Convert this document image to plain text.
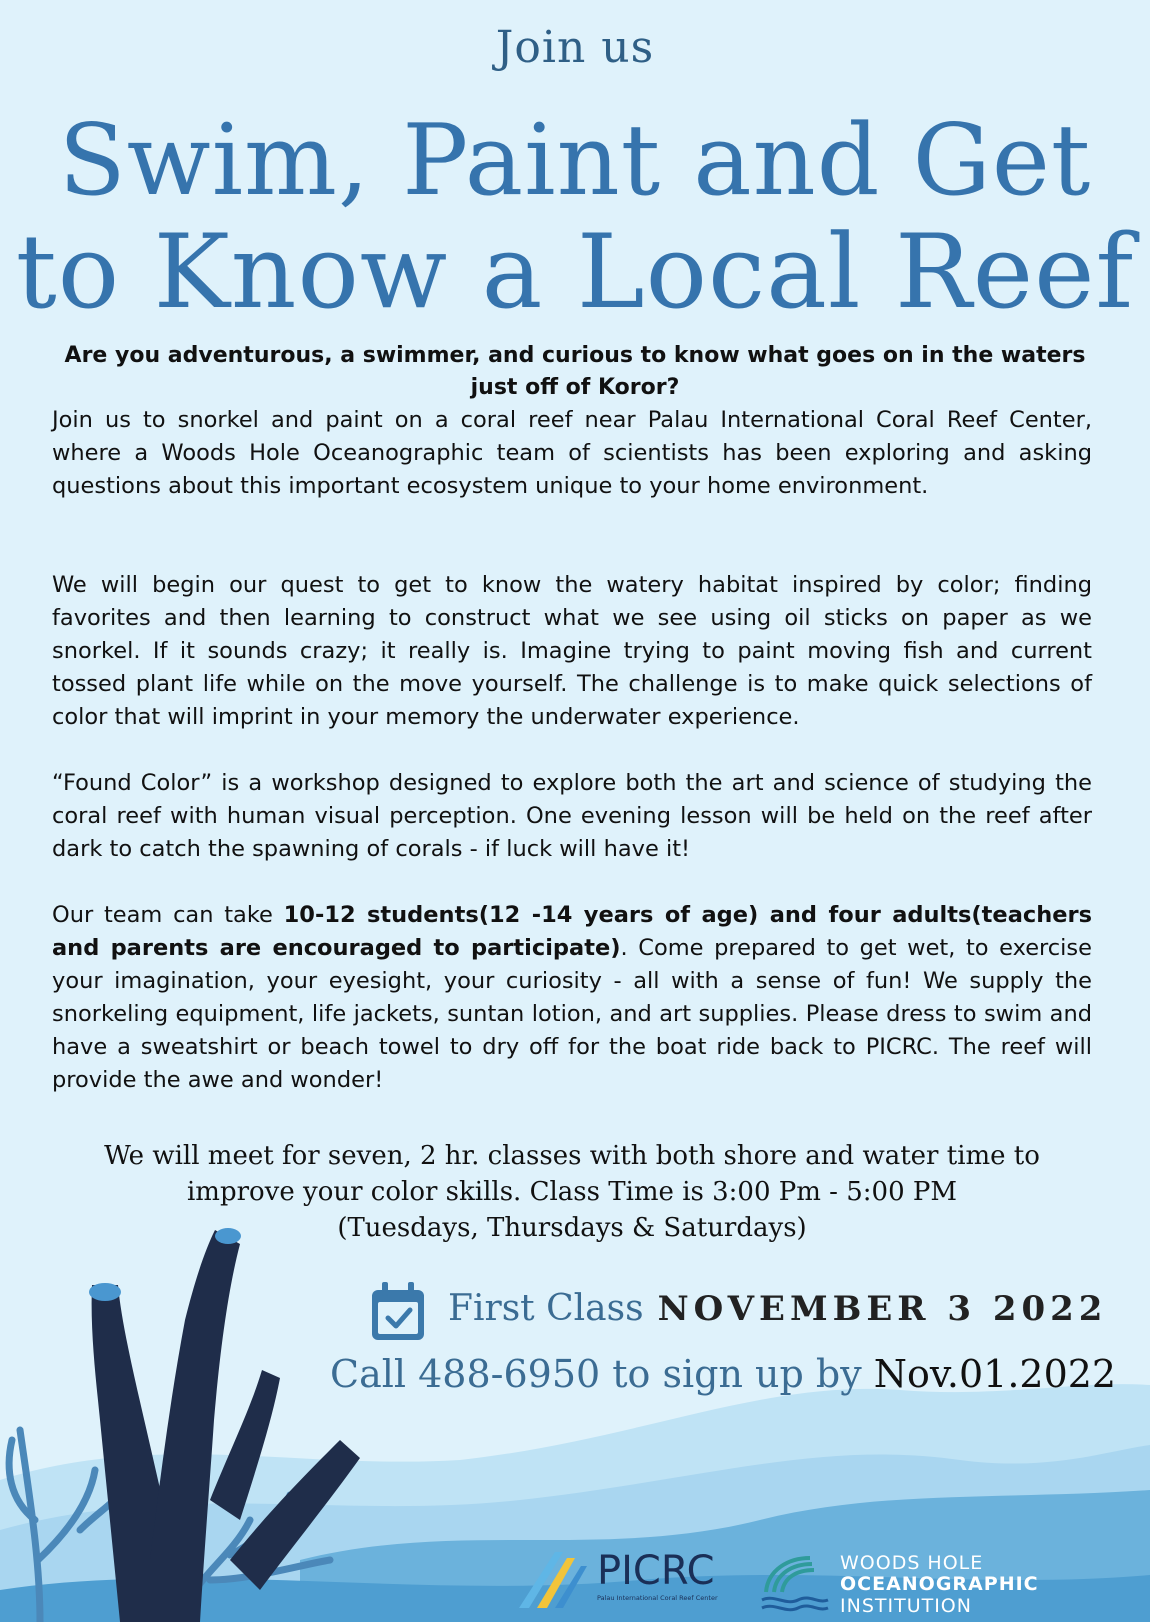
Join us
Swim, Paint and Get
to Know a Local Reef
Are you adventurous, a swimmer, and curious to know what goes on in the waters just off of Koror?
Join us to snorkel and paint on a coral reef near Palau International Coral Reef Center, where a Woods Hole Oceanographic team of scientists has been exploring and asking questions about this important ecosystem unique to your home environment.
We will begin our quest to get to know the watery habitat inspired by color; finding favorites and then learning to construct what we see using oil sticks on paper as we snorkel. If it sounds crazy; it really is. Imagine trying to paint moving fish and current tossed plant life while on the move yourself. The challenge is to make quick selections of color that will imprint in your memory the underwater experience.
“Found Color” is a workshop designed to explore both the art and science of studying the coral reef with human visual perception. One evening lesson will be held on the reef after dark to catch the spawning of corals - if luck will have it!
Our team can take 10-12 students(12 -14 years of age) and four adults(teachers and parents are encouraged to participate). Come prepared to get wet, to exercise your imagination, your eyesight, your curiosity - all with a sense of fun! We supply the snorkeling equipment, life jackets, suntan lotion, and art supplies. Please dress to swim and have a sweatshirt or beach towel to dry off for the boat ride back to PICRC. The reef will provide the awe and wonder!
We will meet for seven, 2 hr. classes with both shore and water time to
improve your color skills. Class Time is 3:00 Pm - 5:00 PM
(Tuesdays, Thursdays & Saturdays)
First Class NOVEMBER 3 2022
Call 488-6950 to sign up by Nov.01.2022
PICRC
Palau International Coral Reef Center
WOODS HOLE
OCEANOGRAPHIC
INSTITUTION
